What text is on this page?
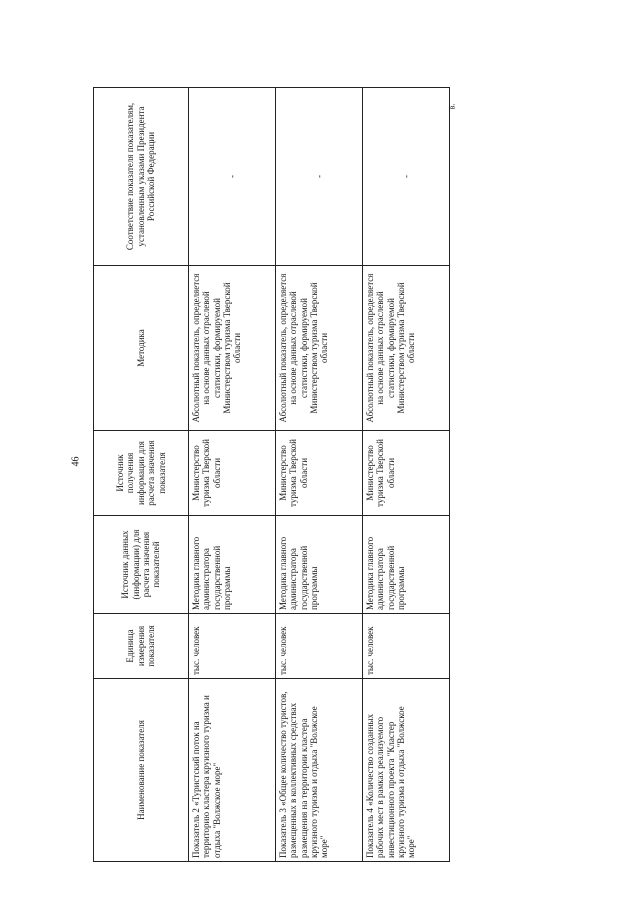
46
Наименование показателя	Единица измерения показателя	Источник данных (информации) для расчета значения показателей	Источник получения информации для расчета значения показателя	Методика	Соответствие показателя показателям, установленным указами Президента Российской Федерации
Показатель 2 «Туристский поток на территорию кластера круизного туризма и отдыха "Волжское море"	тыс. человек	Методика главного администратора государственной программы	Министерство туризма Тверской области	Абсолютный показатель, определяется на основе данных отраслевой статистики, формируемой Министерством туризма Тверской области	-
Показатель 3 «Общее количество туристов, размещенных в коллективных средствах размещения на территории кластера круизного туризма и отдыха "Волжское море"	тыс. человек	Методика главного администратора государственной программы	Министерство туризма Тверской области	Абсолютный показатель, определяется на основе данных отраслевой статистики, формируемой Министерством туризма Тверской области	-
Показатель 4 «Количество созданных рабочих мест в рамках реализуемого инвестиционного проекта "Кластер круизного туризма и отдыха "Волжское море"	тыс. человек	Методика главного администратора государственной программы	Министерство туризма Тверской области	Абсолютный показатель, определяется на основе данных отраслевой статистики, формируемой Министерством туризма Тверской области	-
в.
